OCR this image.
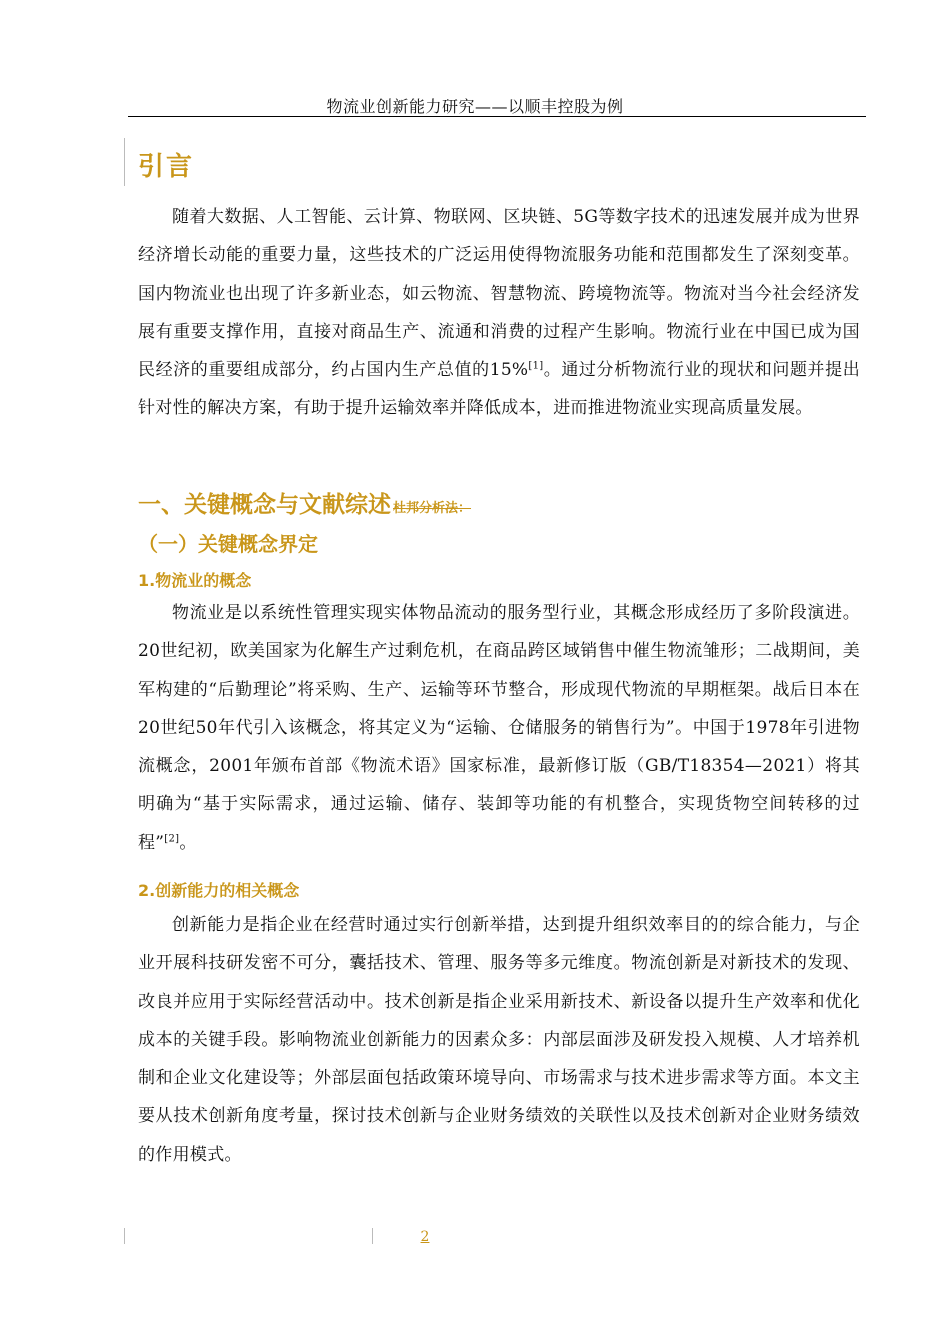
物流业创新能力研究——以顺丰控股为例
引言
随着大数据、人工智能、云计算、物联网、区块链、5G等数字技术的迅速发展并成为世界经济增长动能的重要力量，这些技术的广泛运用使得物流服务功能和范围都发生了深刻变革。国内物流业也出现了许多新业态，如云物流、智慧物流、跨境物流等。物流对当今社会经济发展有重要支撑作用，直接对商品生产、流通和消费的过程产生影响。物流行业在中国已成为国民经济的重要组成部分，约占国内生产总值的15%[1]。通过分析物流行业的现状和问题并提出针对性的解决方案，有助于提升运输效率并降低成本，进而推进物流业实现高质量发展。
一、关键概念与文献综述 杜邦分析法：
（一）关键概念界定
1.物流业的概念
物流业是以系统性管理实现实体物品流动的服务型行业，其概念形成经历了多阶段演进。20世纪初，欧美国家为化解生产过剩危机，在商品跨区域销售中催生物流雏形；二战期间，美军构建的“后勤理论”将采购、生产、运输等环节整合，形成现代物流的早期框架。战后日本在20世纪50年代引入该概念，将其定义为“运输、仓储服务的销售行为”。中国于1978年引进物流概念，2001年颁布首部《物流术语》国家标准，最新修订版（GB/T18354—2021）将其明确为“基于实际需求，通过运输、储存、装卸等功能的有机整合，实现货物空间转移的过程”[2]。
2.创新能力的相关概念
创新能力是指企业在经营时通过实行创新举措，达到提升组织效率目的的综合能力，与企业开展科技研发密不可分，囊括技术、管理、服务等多元维度。物流创新是对新技术的发现、改良并应用于实际经营活动中。技术创新是指企业采用新技术、新设备以提升生产效率和优化成本的关键手段。影响物流业创新能力的因素众多：内部层面涉及研发投入规模、人才培养机制和企业文化建设等；外部层面包括政策环境导向、市场需求与技术进步需求等方面。本文主要从技术创新角度考量，探讨技术创新与企业财务绩效的关联性以及技术创新对企业财务绩效的作用模式。
2
